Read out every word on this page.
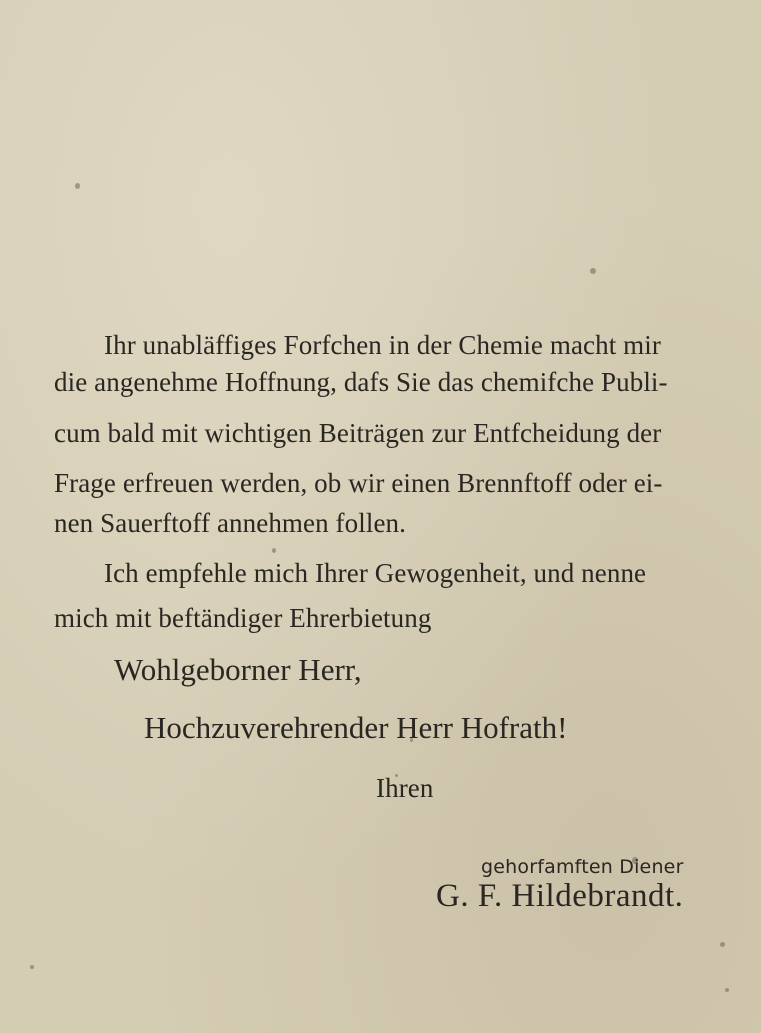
Ihr unabläffiges Forfchen in der Chemie macht mir
die angenehme Hoffnung, dafs Sie das chemifche Publi-
cum bald mit wichtigen Beiträgen zur Entfcheidung der
Frage erfreuen werden, ob wir einen Brennftoff oder ei-
nen Sauerftoff annehmen follen.
Ich empfehle mich Ihrer Gewogenheit, und nenne
mich mit beftändiger Ehrerbietung
Wohlgeborner Herr,
Hochzuverehrender Herr Hofrath!
Ihren
gehorfamften Diener
G. F. Hildebrandt.
